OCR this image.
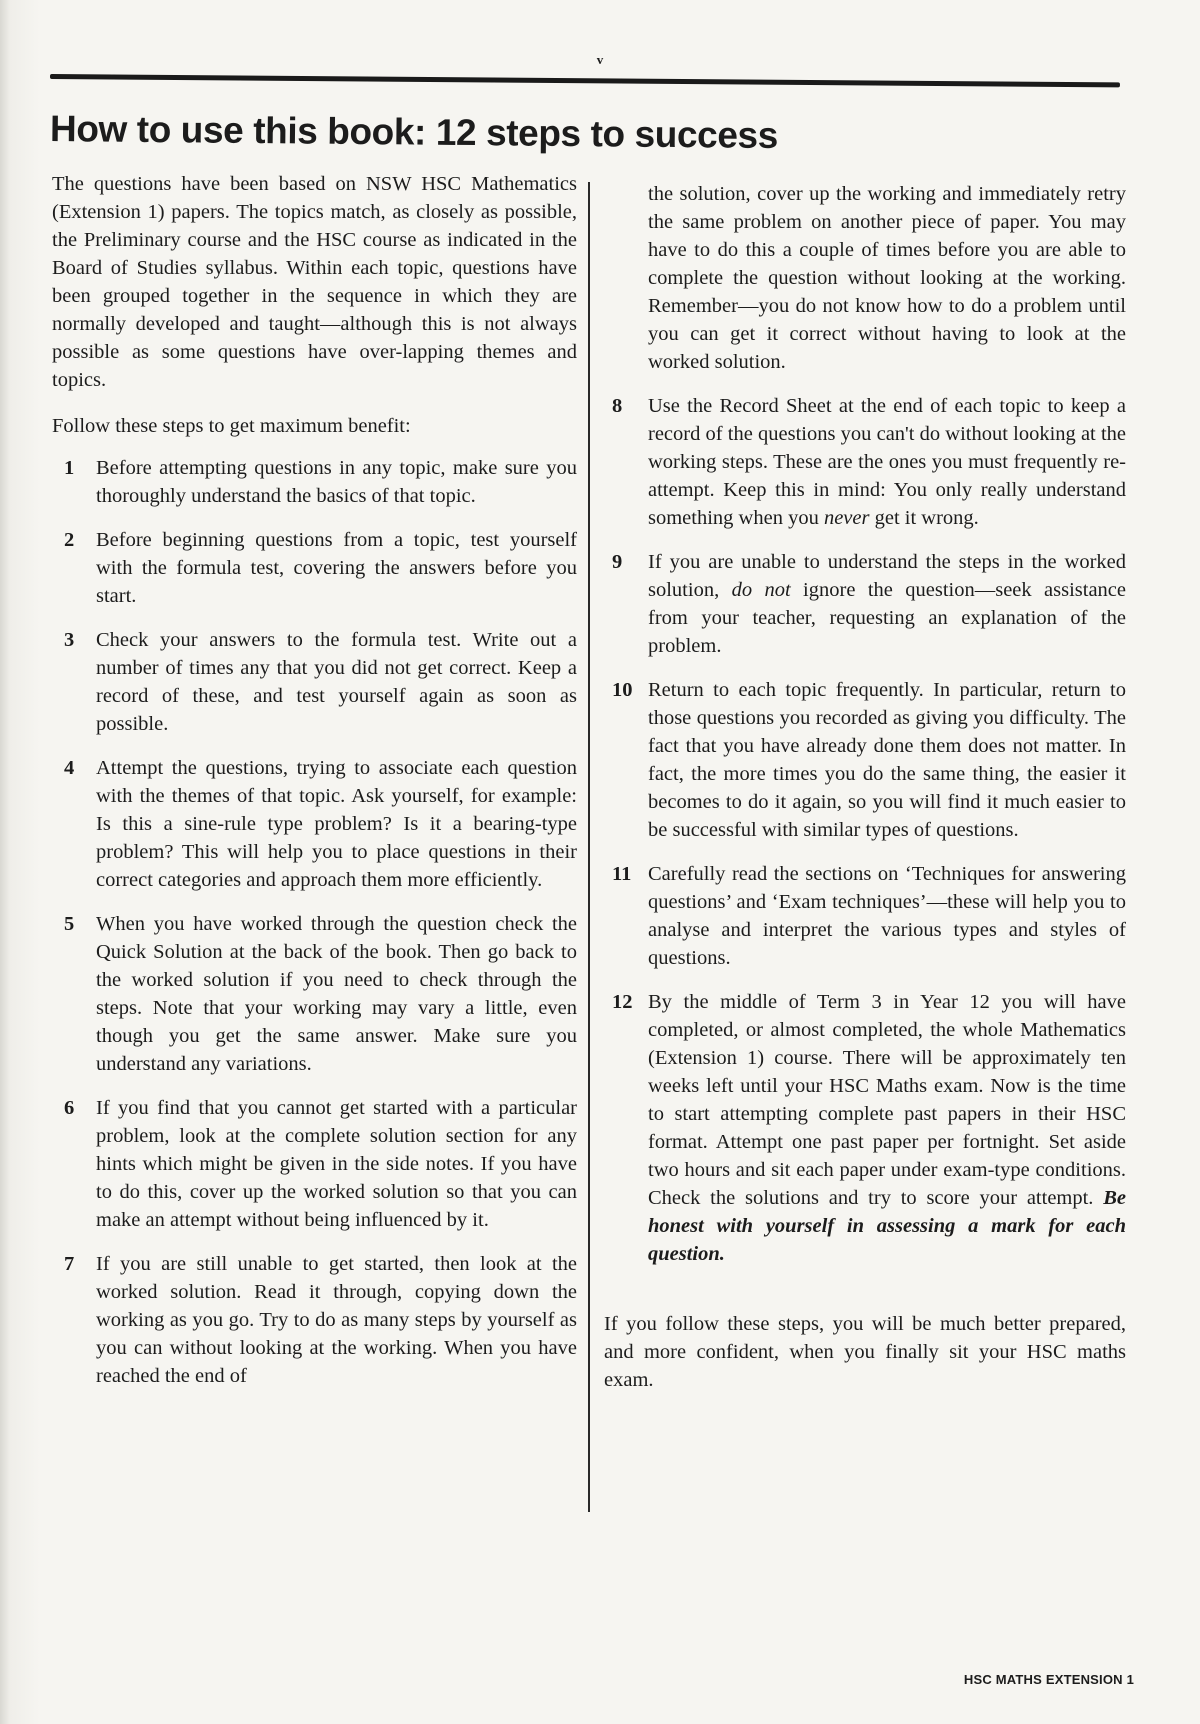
v
How to use this book: 12 steps to success

The questions have been based on NSW HSC Mathematics (Extension 1) papers. The topics match, as closely as possible, the Preliminary course and the HSC course as indicated in the Board of Studies syllabus. Within each topic, questions have been grouped together in the sequence in which they are normally developed and taught—although this is not always possible as some questions have over-lapping themes and topics.

Follow these steps to get maximum benefit:

1	Before attempting questions in any topic, make sure you thoroughly understand the basics of that topic.
2	Before beginning questions from a topic, test yourself with the formula test, covering the answers before you start.
3	Check your answers to the formula test. Write out a number of times any that you did not get correct. Keep a record of these, and test yourself again as soon as possible.
4	Attempt the questions, trying to associate each question with the themes of that topic. Ask yourself, for example: Is this a sine-rule type problem? Is it a bearing-type problem? This will help you to place questions in their correct categories and approach them more efficiently.
5	When you have worked through the question check the Quick Solution at the back of the book. Then go back to the worked solution if you need to check through the steps. Note that your working may vary a little, even though you get the same answer. Make sure you understand any variations.
6	If you find that you cannot get started with a particular problem, look at the complete solution section for any hints which might be given in the side notes. If you have to do this, cover up the worked solution so that you can make an attempt without being influenced by it.
7	If you are still unable to get started, then look at the worked solution. Read it through, copying down the working as you go. Try to do as many steps by yourself as you can without looking at the working. When you have reached the end of

the solution, cover up the working and immediately retry the same problem on another piece of paper. You may have to do this a couple of times before you are able to complete the question without looking at the working. Remember—you do not know how to do a problem until you can get it correct without having to look at the worked solution.

8	Use the Record Sheet at the end of each topic to keep a record of the questions you can't do without looking at the working steps. These are the ones you must frequently re-attempt. Keep this in mind: You only really understand something when you never get it wrong.
9	If you are unable to understand the steps in the worked solution, do not ignore the question—seek assistance from your teacher, requesting an explanation of the problem.
10 Return to each topic frequently. In particular, return to those questions you recorded as giving you difficulty. The fact that you have already done them does not matter. In fact, the more times you do the same thing, the easier it becomes to do it again, so you will find it much easier to be successful with similar types of questions.
11 Carefully read the sections on ‘Techniques for answering questions’ and ‘Exam techniques’—these will help you to analyse and interpret the various types and styles of questions.
12 By the middle of Term 3 in Year 12 you will have completed, or almost completed, the whole Mathematics (Extension 1) course. There will be approximately ten weeks left until your HSC Maths exam. Now is the time to start attempting complete past papers in their HSC format. Attempt one past paper per fortnight. Set aside two hours and sit each paper under exam-type conditions. Check the solutions and try to score your attempt. Be honest with yourself in assessing a mark for each question.

If you follow these steps, you will be much better prepared, and more confident, when you finally sit your HSC maths exam.

HSC MATHS EXTENSION 1
